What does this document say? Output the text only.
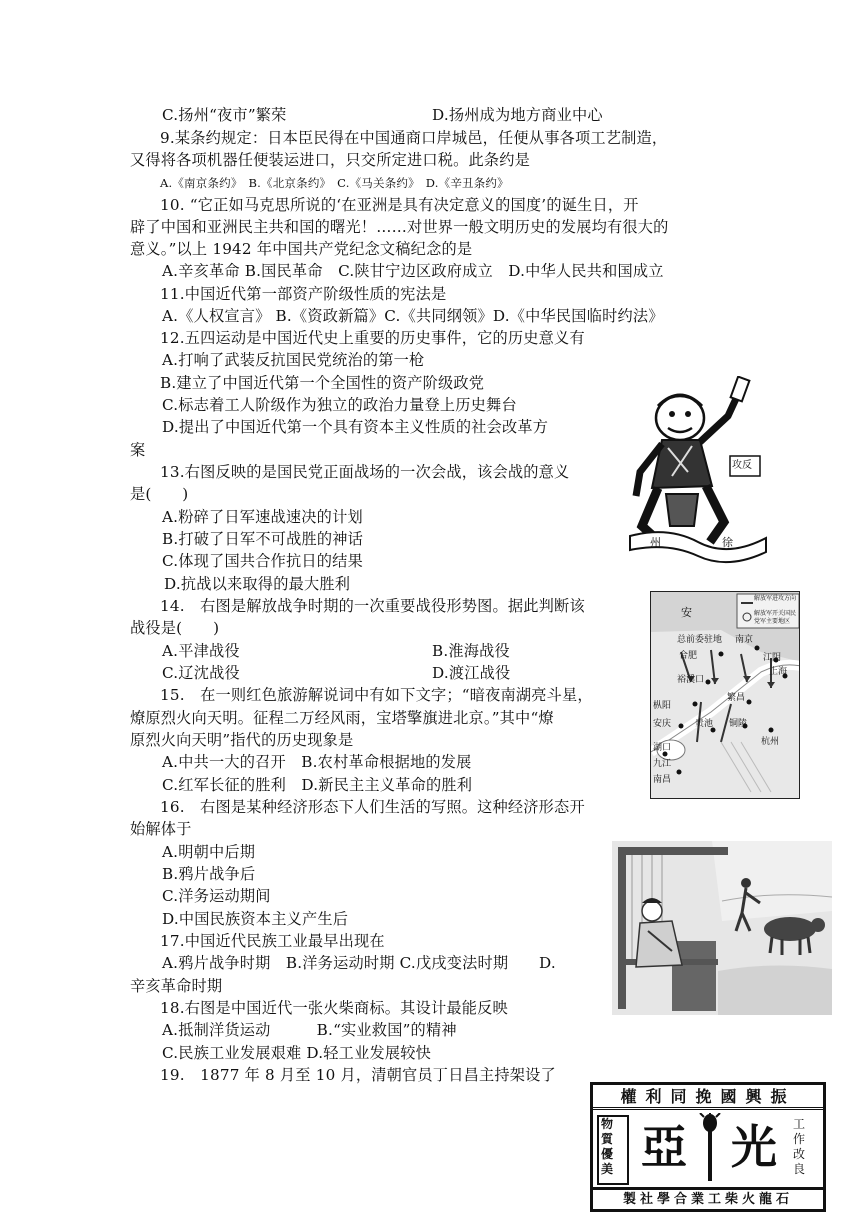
C.扬州“夜市”繁荣	D.扬州成为地方商业中心
9.某条约规定：日本臣民得在中国通商口岸城邑，任便从事各项工艺制造，
又得将各项机器任便装运进口，只交所定进口税。此条约是
A.《南京条约》　B.《北京条约》　C.《马关条约》　D.《辛丑条约》
10. “它正如马克思所说的‘在亚洲是具有决定意义的国度’的诞生日，开
辟了中国和亚洲民主共和国的曙光！……对世界一般文明历史的发展均有很大的
意义。”以上 1942 年中国共产党纪念文稿纪念的是
A.辛亥革命 B.国民革命　C.陕甘宁边区政府成立　D.中华人民共和国成立
11.中国近代第一部资产阶级性质的宪法是
A.《人权宣言》 B.《资政新篇》C.《共同纲领》D.《中华民国临时约法》
12.五四运动是中国近代史上重要的历史事件，它的历史意义有
A.打响了武装反抗国民党统治的第一枪
B.建立了中国近代第一个全国性的资产阶级政党
C.标志着工人阶级作为独立的政治力量登上历史舞台
D.提出了中国近代第一个具有资本主义性质的社会改革方
案
13.右图反映的是国民党正面战场的一次会战，该会战的意义
是(　　)
A.粉碎了日军速战速决的计划
B.打破了日军不可战胜的神话
C.体现了国共合作抗日的结果
D.抗战以来取得的最大胜利
14.　右图是解放战争时期的一次重要战役形势图。据此判断该
战役是(　　)
A.平津战役	B.淮海战役
C.辽沈战役	D.渡江战役
15.　在一则红色旅游解说词中有如下文字；“暗夜南湖亮斗星，
燎原烈火向天明。征程二万经风雨，宝塔擎旗进北京。”其中“燎
原烈火向天明”指代的历史现象是
A.中共一大的召开　B.农村革命根据地的发展
C.红军长征的胜利　D.新民主主义革命的胜利
16.　右图是某种经济形态下人们生活的写照。这种经济形态开
始解体于
A.明朝中后期
B.鸦片战争后
C.洋务运动期间
D.中国民族资本主义产生后
17.中国近代民族工业最早出现在
A.鸦片战争时期　B.洋务运动时期 C.戊戌变法时期　　D.
辛亥革命时期
18.右图是中国近代一张火柴商标。其设计最能反映
A.抵制洋货运动　　　B.“实业救国”的精神
C.民族工业发展艰难 D.轻工业发展较快
19.　1877 年 8 月至 10 月，清朝官员丁日昌主持架设了
攻反
州	徐
解放军进攻方向
解放军开关国民党军主要地区
安
总前委驻地 南京
合肥	江阴
上海
裕溪口
枞阳
繁昌
安庆	贵池 铜陵
杭州
湖口
九江
南昌
權利同挽國興振
物質優美 亞 光 工作改良
製社學合業工柴火龍石
